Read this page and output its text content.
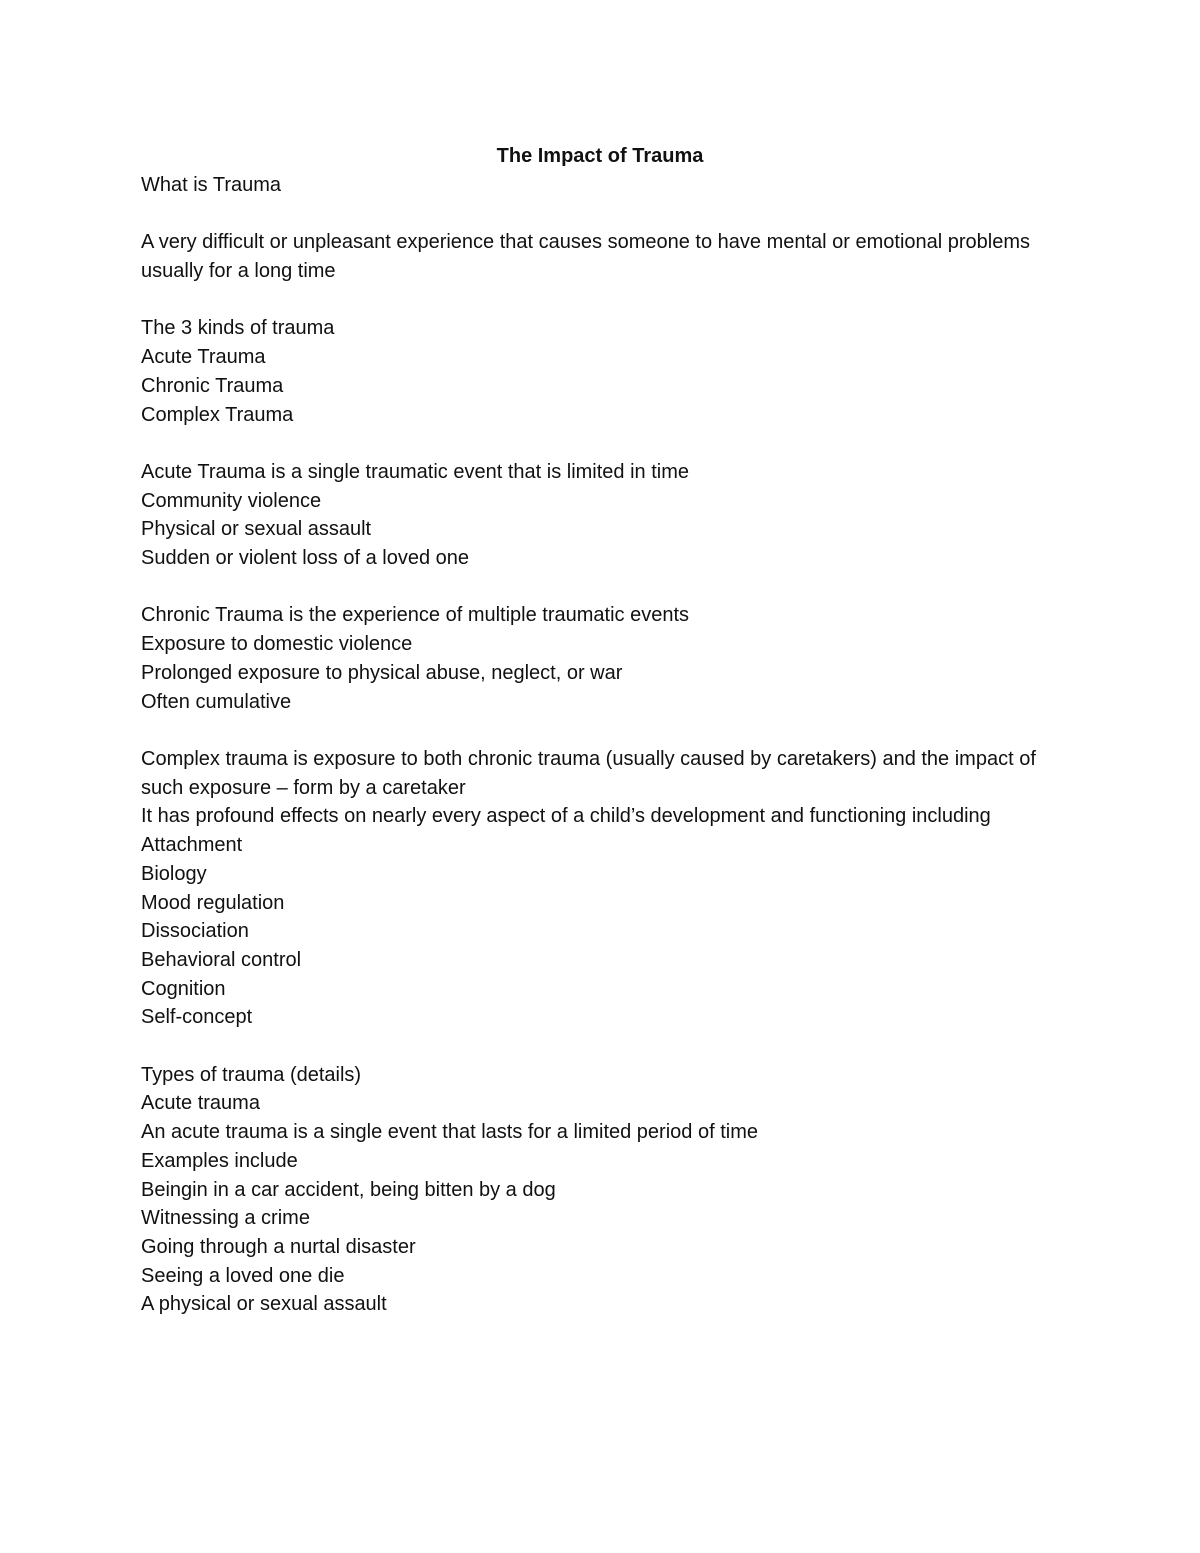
The Impact of Trauma

What is Trauma

A very difficult or unpleasant experience that causes someone to have mental or emotional problems usually for a long time

The 3 kinds of trauma

Acute Trauma

Chronic Trauma

Complex Trauma

Acute Trauma is a single traumatic event that is limited in time

Community violence

Physical or sexual assault

Sudden or violent loss of a loved one

Chronic Trauma is the experience of multiple traumatic events

Exposure to domestic violence

Prolonged exposure to physical abuse, neglect, or war

Often cumulative

Complex trauma is exposure to both chronic trauma (usually caused by caretakers) and the impact of such exposure – form by a caretaker

It has profound effects on nearly every aspect of a child’s development and functioning including

Attachment

Biology

Mood regulation

Dissociation

Behavioral control

Cognition

Self-concept

Types of trauma (details)

Acute trauma

An acute trauma is a single event that lasts for a limited period of time

Examples include

Beingin in a car accident, being bitten by a dog

Witnessing a crime

Going through a nurtal disaster

Seeing a loved one die

A physical or sexual assault
